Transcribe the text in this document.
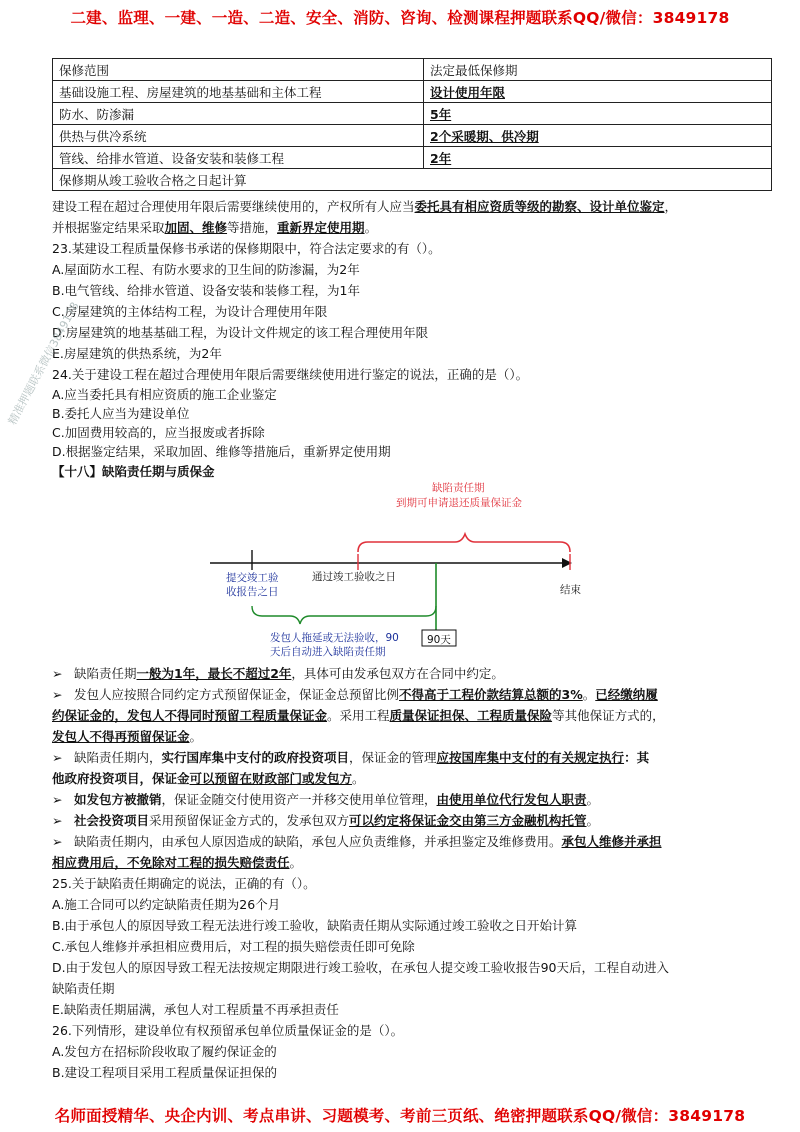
二建、监理、一建、一造、二造、安全、消防、咨询、检测课程押题联系QQ/微信：3849178
保修范围	法定最低保修期
基础设施工程、房屋建筑的地基基础和主体工程	设计使用年限
防水、防渗漏	5年
供热与供冷系统	2个采暖期、供冷期
管线、给排水管道、设备安装和装修工程	2年
保修期从竣工验收合格之日起计算	
建设工程在超过合理使用年限后需要继续使用的，产权所有人应当委托具有相应资质等级的勘察、设计单位鉴定，
并根据鉴定结果采取加固、维修等措施，重新界定使用期。
23.某建设工程质量保修书承诺的保修期限中，符合法定要求的有（）。
A.屋面防水工程、有防水要求的卫生间的防渗漏，为2年
B.电气管线、给排水管道、设备安装和装修工程，为1年
C.房屋建筑的主体结构工程，为设计合理使用年限
D.房屋建筑的地基基础工程，为设计文件规定的该工程合理使用年限
E.房屋建筑的供热系统，为2年
24.关于建设工程在超过合理使用年限后需要继续使用进行鉴定的说法，正确的是（）。
A.应当委托具有相应资质的施工企业鉴定
B.委托人应当为建设单位
C.加固费用较高的，应当报废或者拆除
D.根据鉴定结果，采取加固、维修等措施后，重新界定使用期
【十八】缺陷责任期与质保金
精准押题联系微信3849178
缺陷责任期
到期可申请退还质量保证金
提交竣工验
收报告之日
通过竣工验收之日
结束
发包人拖延或无法验收，90
天后自动进入缺陷责任期
90天
➢ 缺陷责任期一般为1年，最长不超过2年，具体可由发承包双方在合同中约定。
➢ 发包人应按照合同约定方式预留保证金，保证金总预留比例不得高于工程价款结算总额的3%。已经缴纳履
约保证金的，发包人不得同时预留工程质量保证金。采用工程质量保证担保、工程质量保险等其他保证方式的，
发包人不得再预留保证金。
➢ 缺陷责任期内，实行国库集中支付的政府投资项目，保证金的管理应按国库集中支付的有关规定执行：其
他政府投资项目，保证金可以预留在财政部门或发包方。
➢ 如发包方被撤销，保证金随交付使用资产一并移交使用单位管理，由使用单位代行发包人职责。
➢ 社会投资项目采用预留保证金方式的，发承包双方可以约定将保证金交由第三方金融机构托管。
➢ 缺陷责任期内，由承包人原因造成的缺陷，承包人应负责维修，并承担鉴定及维修费用。承包人维修并承担
相应费用后，不免除对工程的损失赔偿责任。
25.关于缺陷责任期确定的说法，正确的有（）。
A.施工合同可以约定缺陷责任期为26个月
B.由于承包人的原因导致工程无法进行竣工验收，缺陷责任期从实际通过竣工验收之日开始计算
C.承包人维修并承担相应费用后，对工程的损失赔偿责任即可免除
D.由于发包人的原因导致工程无法按规定期限进行竣工验收，在承包人提交竣工验收报告90天后，工程自动进入
缺陷责任期
E.缺陷责任期届满，承包人对工程质量不再承担责任
26.下列情形，建设单位有权预留承包单位质量保证金的是（）。
A.发包方在招标阶段收取了履约保证金的
B.建设工程项目采用工程质量保证担保的
名师面授精华、央企内训、考点串讲、习题模考、考前三页纸、绝密押题联系QQ/微信：3849178
